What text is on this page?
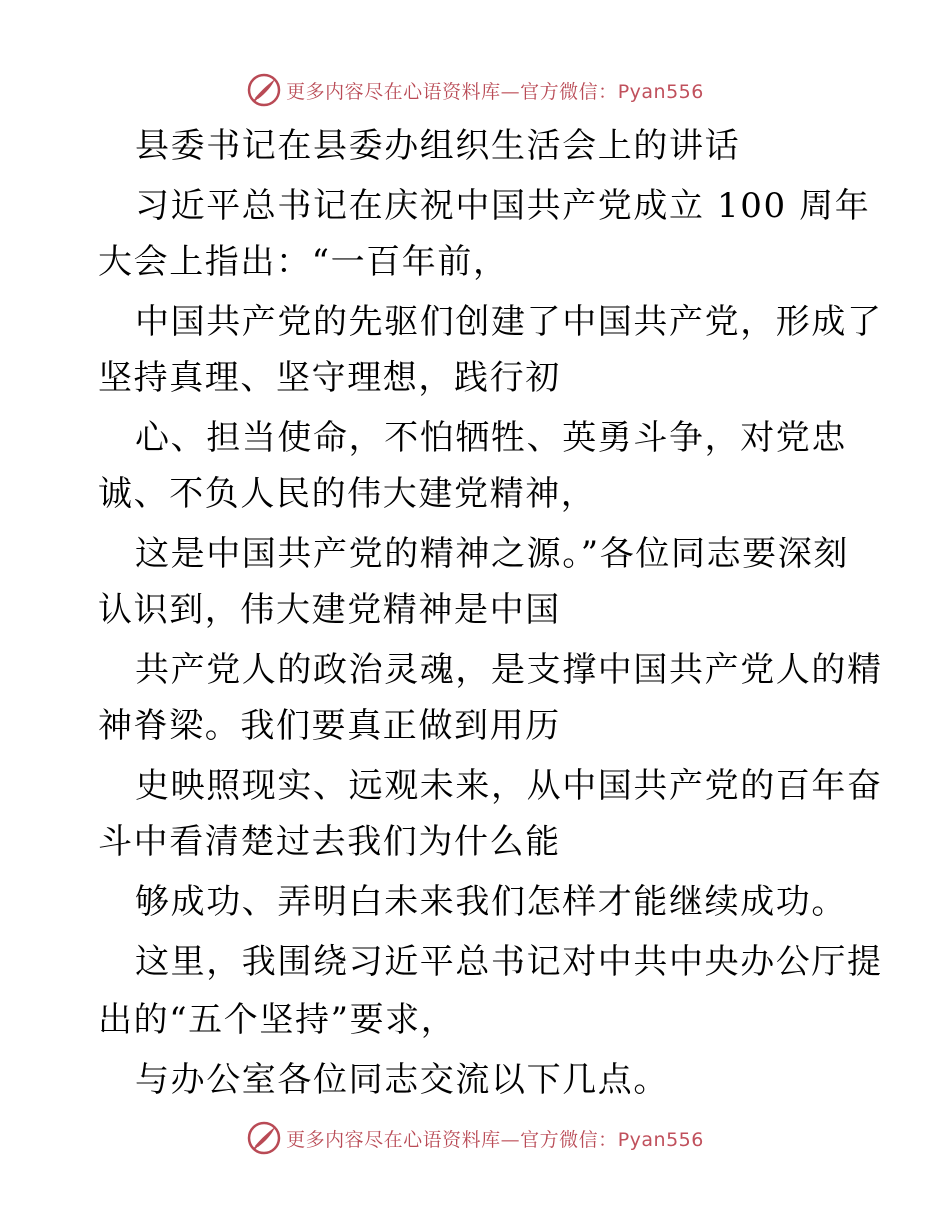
更多内容尽在心语资料库—官方微信：Pyan556
县委书记在县委办组织生活会上的讲话
习近平总书记在庆祝中国共产党成立 100 周年
大会上指出：“一百年前，
中国共产党的先驱们创建了中国共产党，形成了
坚持真理、坚守理想，践行初
心、担当使命，不怕牺牲、英勇斗争，对党忠
诚、不负人民的伟大建党精神，
这是中国共产党的精神之源。”各位同志要深刻
认识到，伟大建党精神是中国
共产党人的政治灵魂，是支撑中国共产党人的精
神脊梁。我们要真正做到用历
史映照现实、远观未来，从中国共产党的百年奋
斗中看清楚过去我们为什么能
够成功、弄明白未来我们怎样才能继续成功。
这里，我围绕习近平总书记对中共中央办公厅提
出的“五个坚持”要求，
与办公室各位同志交流以下几点。
更多内容尽在心语资料库—官方微信：Pyan556
